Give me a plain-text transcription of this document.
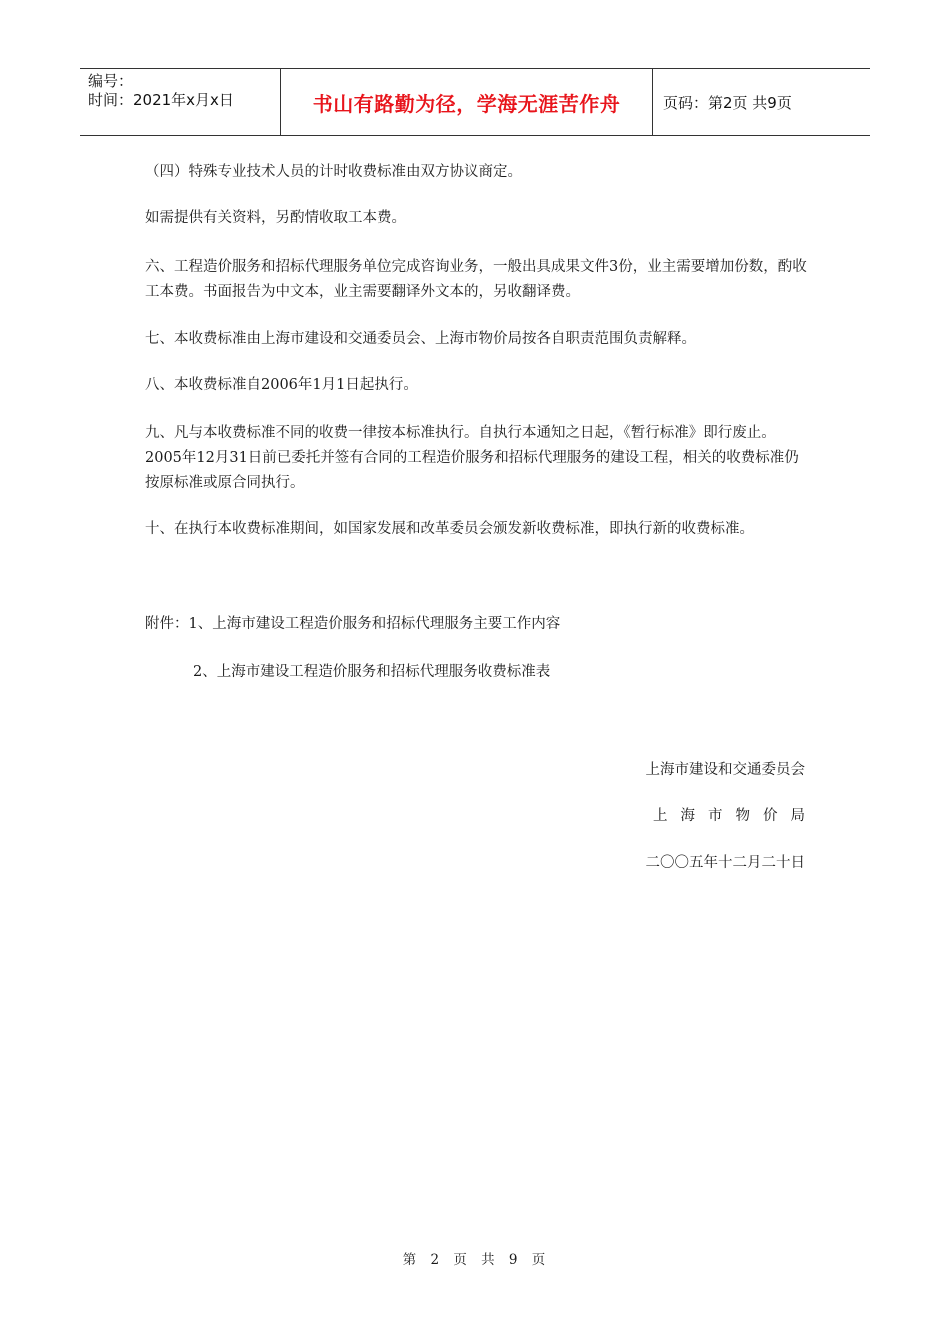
编号：
时间：2021年x月x日	书山有路勤为径，学海无涯苦作舟	页码：第2页 共9页

（四）特殊专业技术人员的计时收费标准由双方协议商定。

如需提供有关资料，另酌情收取工本费。

六、工程造价服务和招标代理服务单位完成咨询业务，一般出具成果文件3份，业主需要增加份数，酌收工本费。书面报告为中文本，业主需要翻译外文本的，另收翻译费。

七、本收费标准由上海市建设和交通委员会、上海市物价局按各自职责范围负责解释。

八、本收费标准自2006年1月1日起执行。

九、凡与本收费标准不同的收费一律按本标准执行。自执行本通知之日起，《暂行标准》即行废止。2005年12月31日前已委托并签有合同的工程造价服务和招标代理服务的建设工程，相关的收费标准仍按原标准或原合同执行。

十、在执行本收费标准期间，如国家发展和改革委员会颁发新收费标准，即执行新的收费标准。

附件：1、上海市建设工程造价服务和招标代理服务主要工作内容

2、上海市建设工程造价服务和招标代理服务收费标准表

上海市建设和交通委员会
上海市物价局
二〇〇五年十二月二十日
第 2 页 共 9 页
